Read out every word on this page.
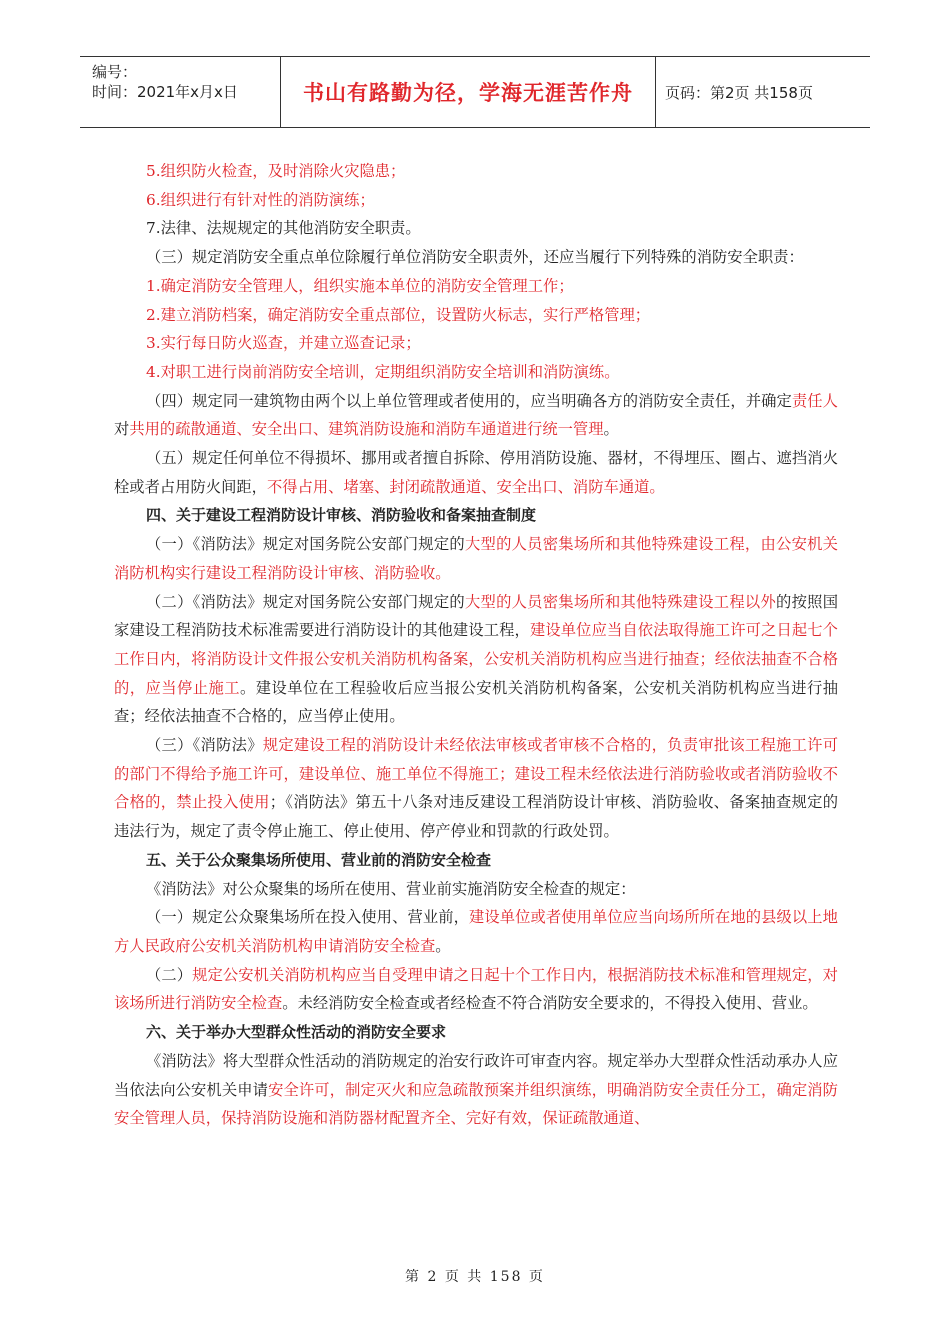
编号：
时间：2021年x月x日	书山有路勤为径，学海无涯苦作舟 页码：第2页 共158页

5.组织防火检查，及时消除火灾隐患；

6.组织进行有针对性的消防演练；

7.法律、法规规定的其他消防安全职责。

（三）规定消防安全重点单位除履行单位消防安全职责外，还应当履行下列特殊的消防安全职责：

1.确定消防安全管理人，组织实施本单位的消防安全管理工作；

2.建立消防档案，确定消防安全重点部位，设置防火标志，实行严格管理；

3.实行每日防火巡查，并建立巡查记录；

4.对职工进行岗前消防安全培训，定期组织消防安全培训和消防演练。

（四）规定同一建筑物由两个以上单位管理或者使用的，应当明确各方的消防安全责任，并确定责任人对共用的疏散通道、安全出口、建筑消防设施和消防车通道进行统一管理。

（五）规定任何单位不得损坏、挪用或者擅自拆除、停用消防设施、器材，不得埋压、圈占、遮挡消火栓或者占用防火间距，不得占用、堵塞、封闭疏散通道、安全出口、消防车通道。

四、关于建设工程消防设计审核、消防验收和备案抽查制度

（一）《消防法》规定对国务院公安部门规定的大型的人员密集场所和其他特殊建设工程，由公安机关消防机构实行建设工程消防设计审核、消防验收。

（二）《消防法》规定对国务院公安部门规定的大型的人员密集场所和其他特殊建设工程以外的按照国家建设工程消防技术标准需要进行消防设计的其他建设工程，建设单位应当自依法取得施工许可之日起七个工作日内，将消防设计文件报公安机关消防机构备案，公安机关消防机构应当进行抽查；经依法抽查不合格的，应当停止施工。建设单位在工程验收后应当报公安机关消防机构备案，公安机关消防机构应当进行抽查；经依法抽查不合格的，应当停止使用。

（三）《消防法》规定建设工程的消防设计未经依法审核或者审核不合格的，负责审批该工程施工许可的部门不得给予施工许可，建设单位、施工单位不得施工；建设工程未经依法进行消防验收或者消防验收不合格的，禁止投入使用；《消防法》第五十八条对违反建设工程消防设计审核、消防验收、备案抽查规定的违法行为，规定了责令停止施工、停止使用、停产停业和罚款的行政处罚。

五、关于公众聚集场所使用、营业前的消防安全检查

《消防法》对公众聚集的场所在使用、营业前实施消防安全检查的规定：

（一）规定公众聚集场所在投入使用、营业前，建设单位或者使用单位应当向场所所在地的县级以上地方人民政府公安机关消防机构申请消防安全检查。

（二）规定公安机关消防机构应当自受理申请之日起十个工作日内，根据消防技术标准和管理规定，对该场所进行消防安全检查。未经消防安全检查或者经检查不符合消防安全要求的，不得投入使用、营业。

六、关于举办大型群众性活动的消防安全要求

《消防法》将大型群众性活动的消防规定的治安行政许可审查内容。规定举办大型群众性活动承办人应当依法向公安机关申请安全许可，制定灭火和应急疏散预案并组织演练，明确消防安全责任分工，确定消防安全管理人员，保持消防设施和消防器材配置齐全、完好有效，保证疏散通道、

第 2 页 共 158 页
